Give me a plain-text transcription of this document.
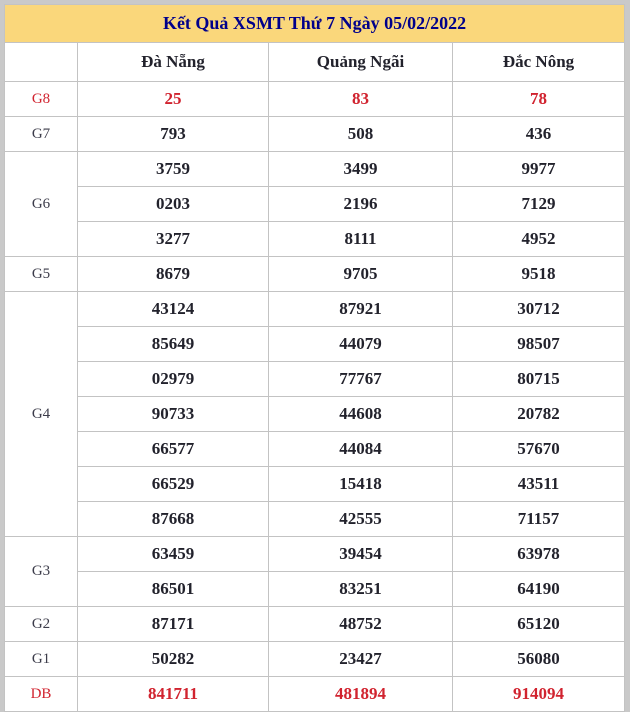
Kết Quả XSMT Thứ 7 Ngày 05/02/2022			
	Đà Nẵng	Quảng Ngãi	Đắc Nông
G8	25	83	78
G7	793	508	436
G6	3759	3499	9977
	0203	2196	7129
	3277	8111	4952
G5	8679	9705	9518
G4	43124	87921	30712
	85649	44079	98507
	02979	77767	80715
	90733	44608	20782
	66577	44084	57670
	66529	15418	43511
	87668	42555	71157
G3	63459	39454	63978
	86501	83251	64190
G2	87171	48752	65120
G1	50282	23427	56080
DB	841711	481894	914094
